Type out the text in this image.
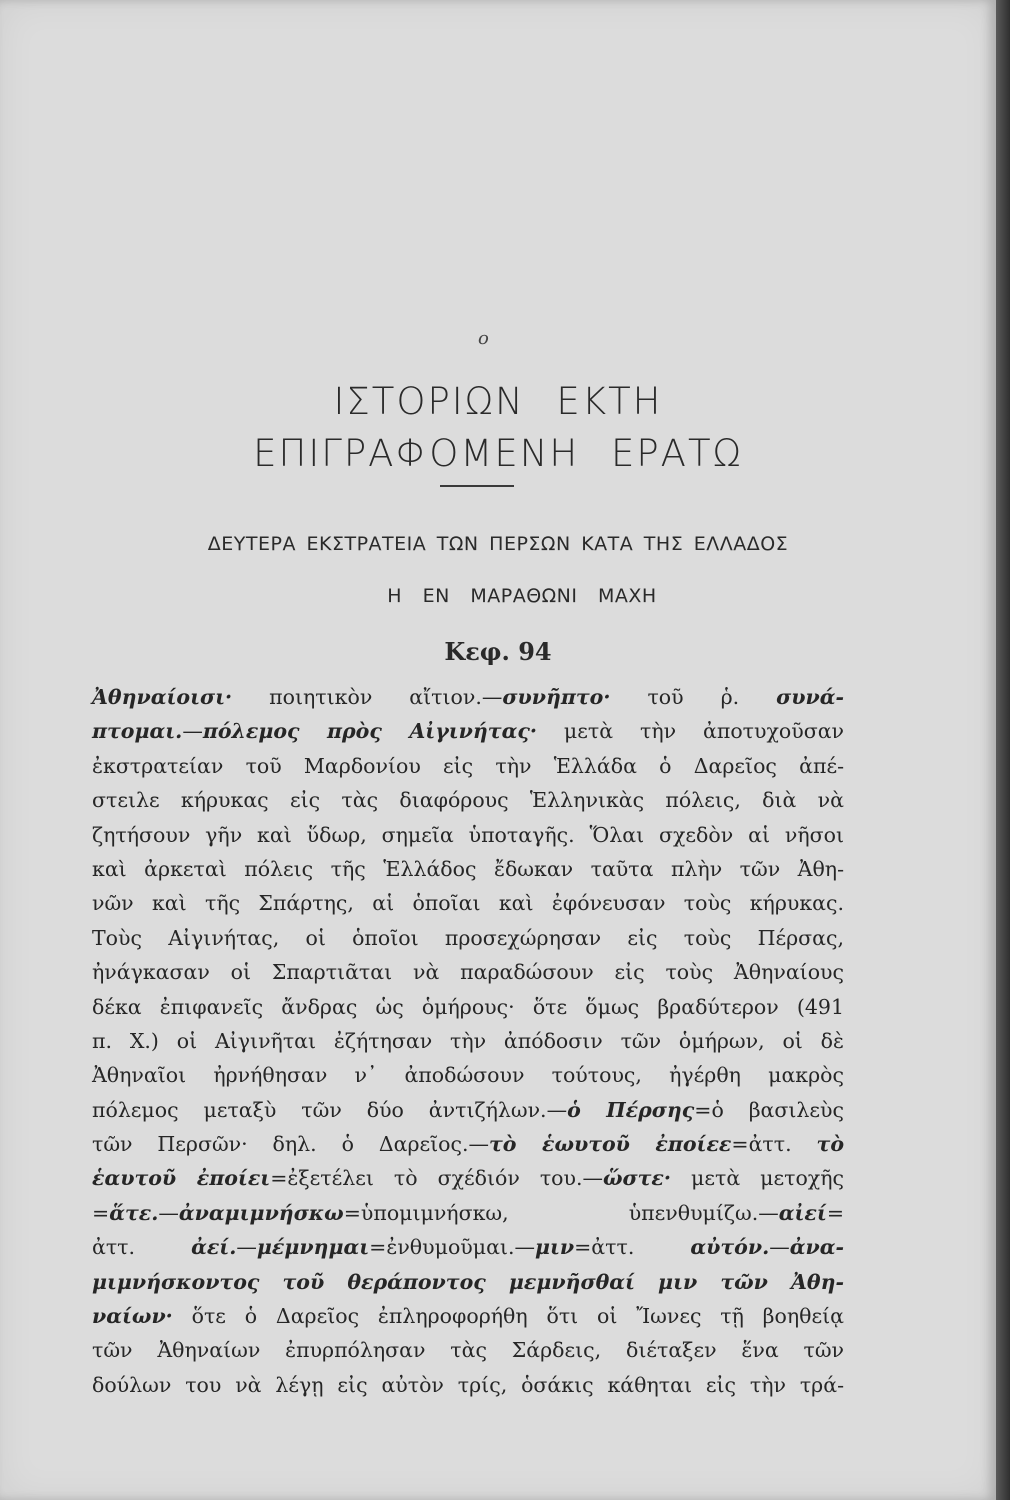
ο
ΙΣΤΟΡΙΩΝ ΕΚΤΗ
ΕΠΙΓΡΑΦΟΜΕΝΗ ΕΡΑΤΩ
ΔΕΥΤΕΡΑ ΕΚΣΤΡΑΤΕΙΑ ΤΩΝ ΠΕΡΣΩΝ ΚΑΤΑ ΤΗΣ ΕΛΛΑΔΟΣ
Η ΕΝ ΜΑΡΑΘΩΝΙ ΜΑΧΗ
Κεφ. 94
Ἀθηναίοισι· ποιητικὸν αἴτιον.—συνῆπτο· τοῦ ῥ. συνά-
πτομαι.—πόλεμος πρὸς Αἰγινήτας· μετὰ τὴν ἀποτυχοῦσαν
ἐκστρατείαν τοῦ Μαρδονίου εἰς τὴν Ἑλλάδα ὁ Δαρεῖος ἀπέ-
στειλε κήρυκας εἰς τὰς διαφόρους Ἑλληνικὰς πόλεις, διὰ νὰ
ζητήσουν γῆν καὶ ὕδωρ, σημεῖα ὑποταγῆς. Ὅλαι σχεδὸν αἱ νῆσοι
καὶ ἀρκεταὶ πόλεις τῆς Ἑλλάδος ἔδωκαν ταῦτα πλὴν τῶν Ἀθη-
νῶν καὶ τῆς Σπάρτης, αἱ ὁποῖαι καὶ ἐφόνευσαν τοὺς κήρυκας.
Τοὺς Αἰγινήτας, οἱ ὁποῖοι προσεχώρησαν εἰς τοὺς Πέρσας,
ἠνάγκασαν οἱ Σπαρτιᾶται νὰ παραδώσουν εἰς τοὺς Ἀθηναίους
δέκα ἐπιφανεῖς ἄνδρας ὡς ὁμήρους· ὅτε ὅμως βραδύτερον (491
π. Χ.) οἱ Αἰγινῆται ἐζήτησαν τὴν ἀπόδοσιν τῶν ὁμήρων, οἱ δὲ
Ἀθηναῖοι ἠρνήθησαν ν᾽ ἀποδώσουν τούτους, ἠγέρθη μακρὸς
πόλεμος μεταξὺ τῶν δύο ἀντιζήλων.—ὁ Πέρσης=ὁ βασιλεὺς
τῶν Περσῶν· δηλ. ὁ Δαρεῖος.—τὸ ἑωυτοῦ ἐποίεε=ἀττ. τὸ
ἑαυτοῦ ἐποίει=ἐξετέλει τὸ σχέδιόν του.—ὥστε· μετὰ μετοχῆς
=ἅτε.—ἀναμιμνήσκω=ὑπομιμνήσκω, ὑπενθυμίζω.—αἰεί=
ἀττ. ἀεί.—μέμνημαι=ἐνθυμοῦμαι.—μιν=ἀττ. αὐτόν.—ἀνα-
μιμνήσκοντος τοῦ θεράποντος μεμνῆσθαί μιν τῶν Ἀθη-
ναίων· ὅτε ὁ Δαρεῖος ἐπληροφορήθη ὅτι οἱ Ἴωνες τῇ βοηθείᾳ
τῶν Ἀθηναίων ἐπυρπόλησαν τὰς Σάρδεις, διέταξεν ἕνα τῶν
δούλων του νὰ λέγῃ εἰς αὐτὸν τρίς, ὁσάκις κάθηται εἰς τὴν τρά-
